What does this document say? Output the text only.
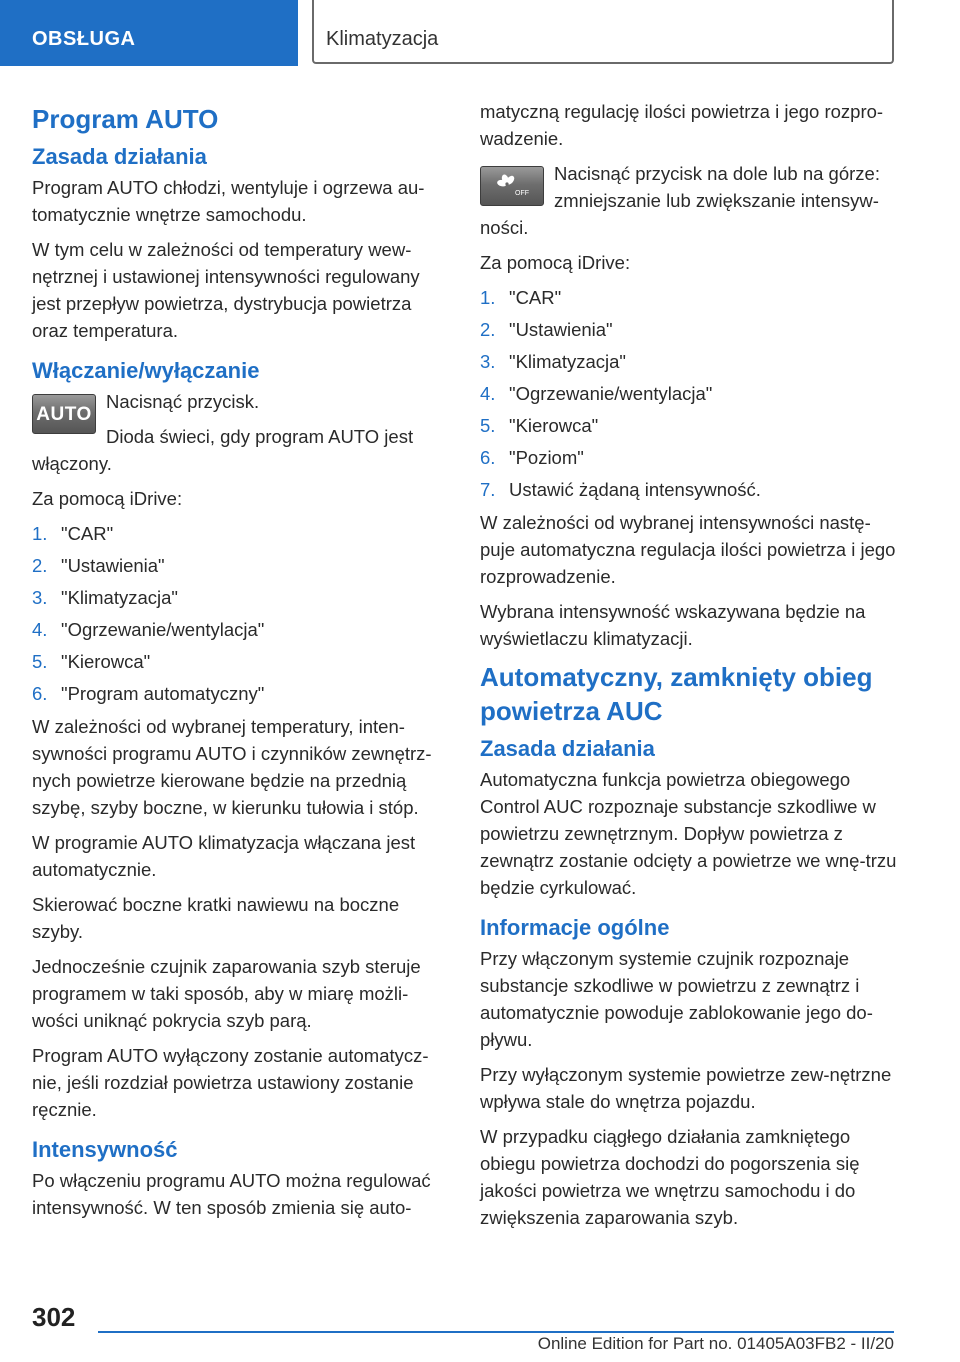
OBSŁUGA	Klimatyzacja
Program AUTO
Zasada działania
Program AUTO chłodzi, wentyluje i ogrzewa au-tomatycznie wnętrze samochodu.
W tym celu w zależności od temperatury wew-nętrznej i ustawionej intensywności regulowany jest przepływ powietrza, dystrybucja powietrza oraz temperatura.
Włączanie/wyłączanie
AUTO
Nacisnąć przycisk.
Dioda świeci, gdy program AUTO jest włączony.
Za pomocą iDrive:
1. "CAR"
2. "Ustawienia"
3. "Klimatyzacja"
4. "Ogrzewanie/wentylacja"
5. "Kierowca"
6. "Program automatyczny"
W zależności od wybranej temperatury, inten-sywności programu AUTO i czynników zewnętrz-nych powietrze kierowane będzie na przednią szybę, szyby boczne, w kierunku tułowia i stóp.
W programie AUTO klimatyzacja włączana jest automatycznie.
Skierować boczne kratki nawiewu na boczne szyby.
Jednocześnie czujnik zaparowania szyb steruje programem w taki sposób, aby w miarę możli-wości uniknąć pokrycia szyb parą.
Program AUTO wyłączony zostanie automatycz-nie, jeśli rozdział powietrza ustawiony zostanie ręcznie.
Intensywność
Po włączeniu programu AUTO można regulować intensywność. W ten sposób zmienia się auto-
matyczną regulację ilości powietrza i jego rozpro-wadzenie.
OFF
Nacisnąć przycisk na dole lub na górze: zmniejszanie lub zwiększanie intensyw-ności.
Za pomocą iDrive:
1. "CAR"
2. "Ustawienia"
3. "Klimatyzacja"
4. "Ogrzewanie/wentylacja"
5. "Kierowca"
6. "Poziom"
7. Ustawić żądaną intensywność.
W zależności od wybranej intensywności nastę-puje automatyczna regulacja ilości powietrza i jego rozprowadzenie.
Wybrana intensywność wskazywana będzie na wyświetlaczu klimatyzacji.
Automatyczny, zamknięty obieg powietrza AUC
Zasada działania
Automatyczna funkcja powietrza obiegowego Control AUC rozpoznaje substancje szkodliwe w powietrzu zewnętrznym. Dopływ powietrza z zewnątrz zostanie odcięty a powietrze we wnę-trzu będzie cyrkulować.
Informacje ogólne
Przy włączonym systemie czujnik rozpoznaje substancje szkodliwe w powietrzu z zewnątrz i automatycznie powoduje zablokowanie jego do-pływu.
Przy wyłączonym systemie powietrze zew-nętrzne wpływa stale do wnętrza pojazdu.
W przypadku ciągłego działania zamkniętego obiegu powietrza dochodzi do pogorszenia się jakości powietrza we wnętrzu samochodu i do zwiększenia zaparowania szyb.
302
Online Edition for Part no. 01405A03FB2 - II/20
